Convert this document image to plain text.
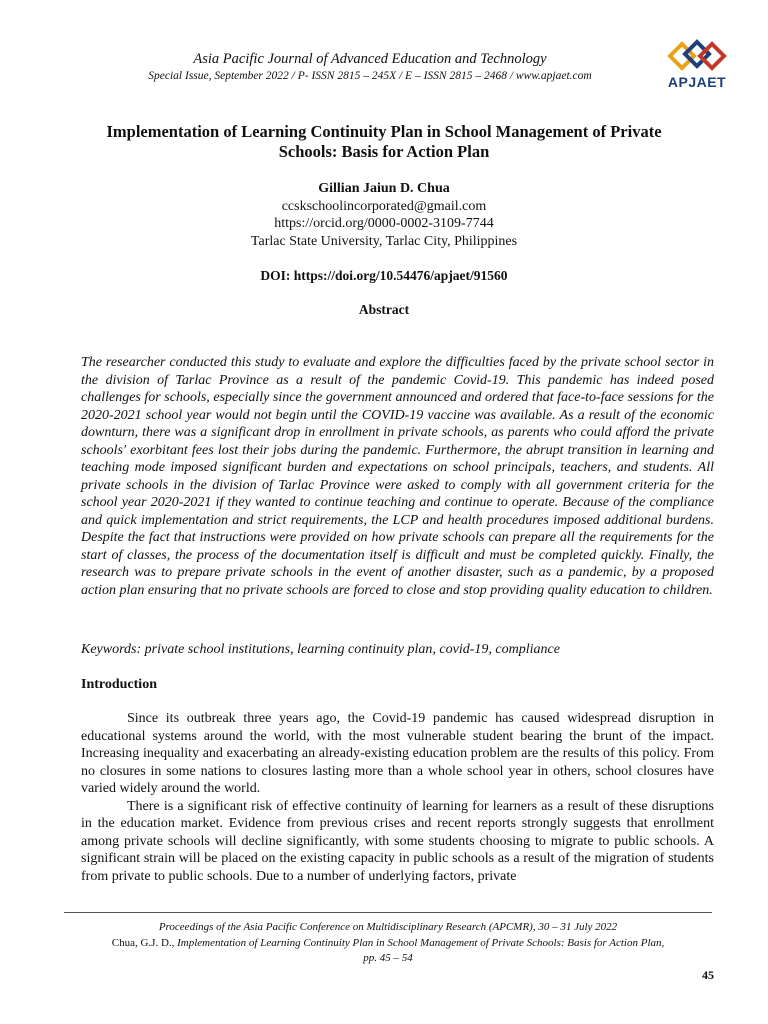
Asia Pacific Journal of Advanced Education and Technology
Special Issue, September 2022 / P- ISSN 2815 – 245X / E – ISSN 2815 – 2468 / www.apjaet.com	APJAET
Implementation of Learning Continuity Plan in School Management of Private Schools: Basis for Action Plan
Gillian Jaiun D. Chua
ccskschoolincorporated@gmail.com
https://orcid.org/0000-0002-3109-7744
Tarlac State University, Tarlac City, Philippines
DOI: https://doi.org/10.54476/apjaet/91560
Abstract

The researcher conducted this study to evaluate and explore the difficulties faced by the private school sector in the division of Tarlac Province as a result of the pandemic Covid-19. This pandemic has indeed posed challenges for schools, especially since the government announced and ordered that face-to-face sessions for the 2020-2021 school year would not begin until the COVID-19 vaccine was available. As a result of the economic downturn, there was a significant drop in enrollment in private schools, as parents who could afford the private schools' exorbitant fees lost their jobs during the pandemic. Furthermore, the abrupt transition in learning and teaching mode imposed significant burden and expectations on school principals, teachers, and students. All private schools in the division of Tarlac Province were asked to comply with all government criteria for the school year 2020-2021 if they wanted to continue teaching and continue to operate. Because of the compliance and quick implementation and strict requirements, the LCP and health procedures imposed additional burdens. Despite the fact that instructions were provided on how private schools can prepare all the requirements for the start of classes, the process of the documentation itself is difficult and must be completed quickly. Finally, the research was to prepare private schools in the event of another disaster, such as a pandemic, by a proposed action plan ensuring that no private schools are forced to close and stop providing quality education to children.

Keywords: private school institutions, learning continuity plan, covid-19, compliance

Introduction

Since its outbreak three years ago, the Covid-19 pandemic has caused widespread disruption in educational systems around the world, with the most vulnerable student bearing the brunt of the impact. Increasing inequality and exacerbating an already-existing education problem are the results of this policy. From no closures in some nations to closures lasting more than a whole school year in others, school closures have varied widely around the world.

There is a significant risk of effective continuity of learning for learners as a result of these disruptions in the education market. Evidence from previous crises and recent reports strongly suggests that enrollment among private schools will decline significantly, with some students choosing to migrate to public schools. A significant strain will be placed on the existing capacity in public schools as a result of the migration of students from private to public schools. Due to a number of underlying factors, private

Proceedings of the Asia Pacific Conference on Multidisciplinary Research (APCMR), 30 – 31 July 2022
Chua, G.J. D., Implementation of Learning Continuity Plan in School Management of Private Schools: Basis for Action Plan,
pp. 45 – 54
45
